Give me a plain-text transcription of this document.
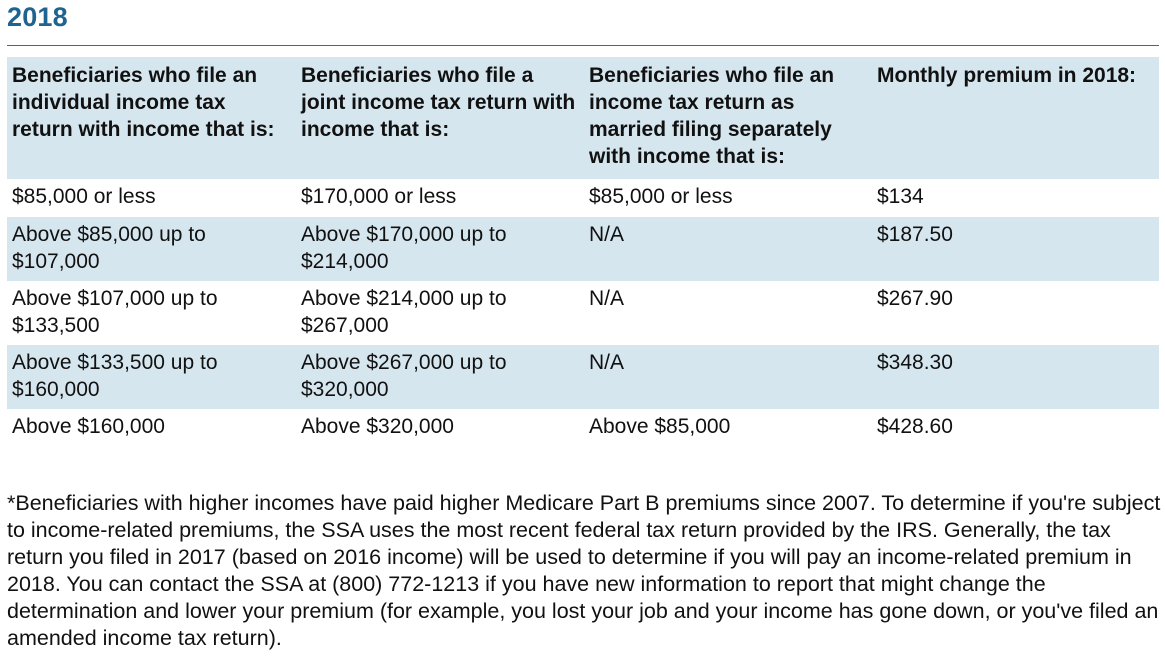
2018
Beneficiaries who file an individual income tax return with income that is:	Beneficiaries who file a joint income tax return with income that is:	Beneficiaries who file an income tax return as married filing separately with income that is:	Monthly premium in 2018:
$85,000 or less	$170,000 or less	$85,000 or less	$134
Above $85,000 up to $107,000	Above $170,000 up to $214,000	N/A	$187.50
Above $107,000 up to $133,500	Above $214,000 up to $267,000	N/A	$267.90
Above $133,500 up to $160,000	Above $267,000 up to $320,000	N/A	$348.30
Above $160,000	Above $320,000	Above $85,000	$428.60

*Beneficiaries with higher incomes have paid higher Medicare Part B premiums since 2007. To determine if you're subject to income-related premiums, the SSA uses the most recent federal tax return provided by the IRS. Generally, the tax return you filed in 2017 (based on 2016 income) will be used to determine if you will pay an income-related premium in 2018. You can contact the SSA at (800) 772-1213 if you have new information to report that might change the determination and lower your premium (for example, you lost your job and your income has gone down, or you've filed an amended income tax return).
